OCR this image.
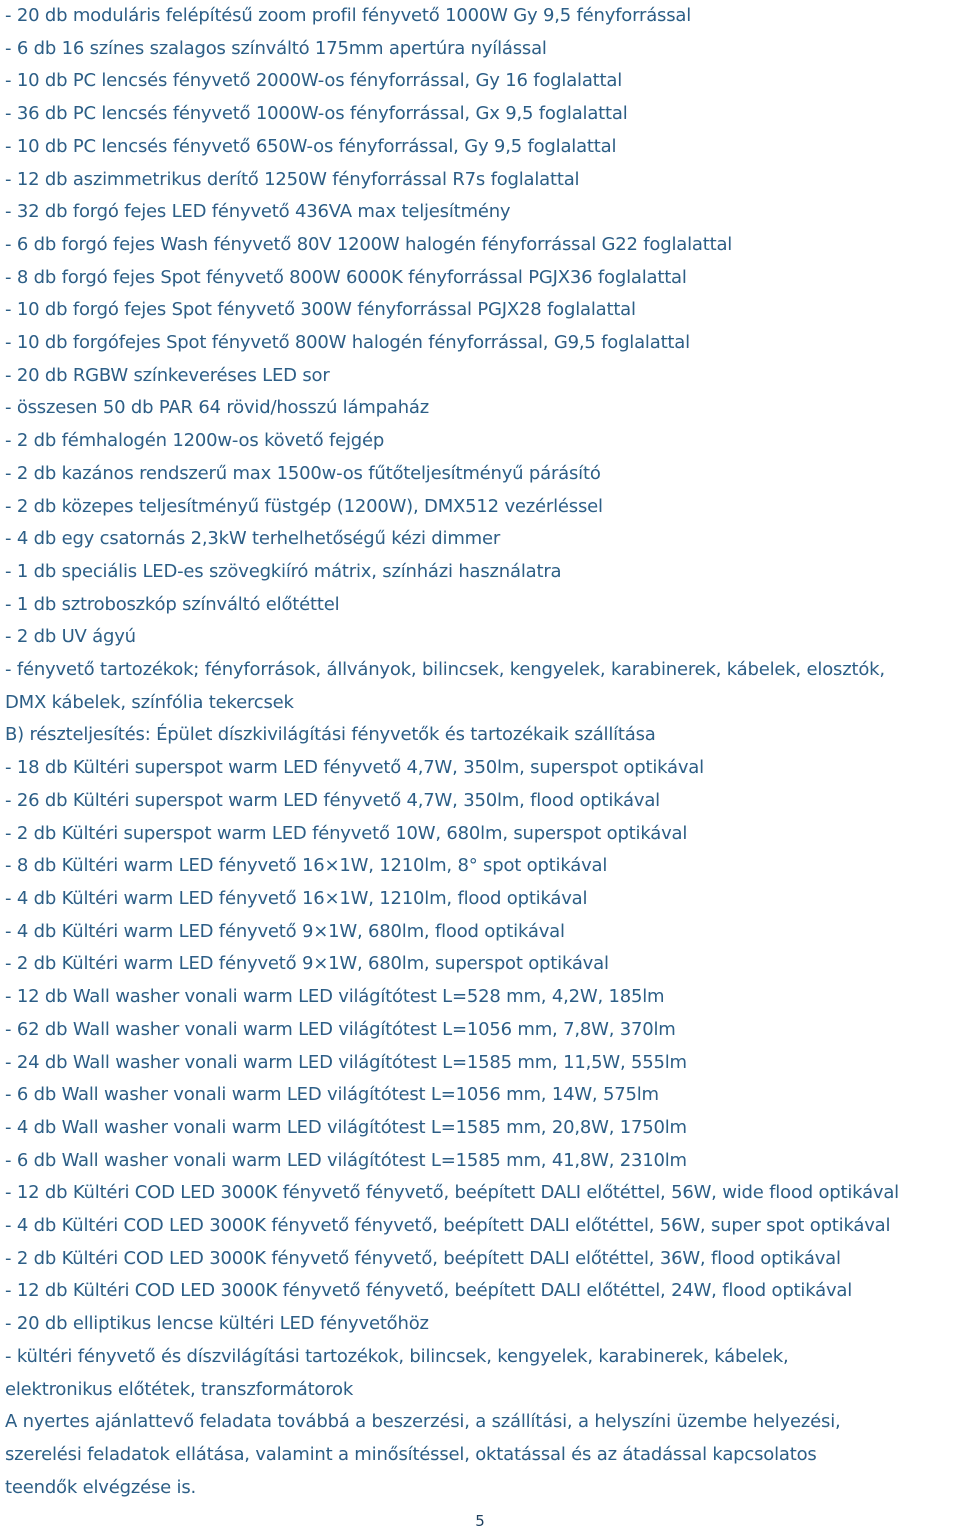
- 20 db moduláris felépítésű zoom profil fényvető 1000W Gy 9,5 fényforrással
- 6 db 16 színes szalagos színváltó 175mm apertúra nyílással
- 10 db PC lencsés fényvető 2000W-os fényforrással, Gy 16 foglalattal
- 36 db PC lencsés fényvető 1000W-os fényforrással, Gx 9,5 foglalattal
- 10 db PC lencsés fényvető 650W-os fényforrással, Gy 9,5 foglalattal
- 12 db aszimmetrikus derítő 1250W fényforrással R7s foglalattal
- 32 db forgó fejes LED fényvető 436VA max teljesítmény
- 6 db forgó fejes Wash fényvető 80V 1200W halogén fényforrással G22 foglalattal
- 8 db forgó fejes Spot fényvető 800W 6000K fényforrással PGJX36 foglalattal
- 10 db forgó fejes Spot fényvető 300W fényforrással PGJX28 foglalattal
- 10 db forgófejes Spot fényvető 800W halogén fényforrással, G9,5 foglalattal
- 20 db RGBW színkeveréses LED sor
- összesen 50 db PAR 64 rövid/hosszú lámpaház
- 2 db fémhalogén 1200w-os követő fejgép
- 2 db kazános rendszerű max 1500w-os fűtőteljesítményű párásító
- 2 db közepes teljesítményű füstgép (1200W), DMX512 vezérléssel
- 4 db egy csatornás 2,3kW terhelhetőségű kézi dimmer
- 1 db speciális LED-es szövegkiíró mátrix, színházi használatra
- 1 db sztroboszkóp színváltó előtéttel
- 2 db UV ágyú
- fényvető tartozékok; fényforrások, állványok, bilincsek, kengyelek, karabinerek, kábelek, elosztók,
DMX kábelek, színfólia tekercsek
B) részteljesítés: Épület díszkivilágítási fényvetők és tartozékaik szállítása
- 18 db Kültéri superspot warm LED fényvető 4,7W, 350lm, superspot optikával
- 26 db Kültéri superspot warm LED fényvető 4,7W, 350lm, flood optikával
- 2 db Kültéri superspot warm LED fényvető 10W, 680lm, superspot optikával
- 8 db Kültéri warm LED fényvető 16×1W, 1210lm, 8° spot optikával
- 4 db Kültéri warm LED fényvető 16×1W, 1210lm, flood optikával
- 4 db Kültéri warm LED fényvető 9×1W, 680lm, flood optikával
- 2 db Kültéri warm LED fényvető 9×1W, 680lm, superspot optikával
- 12 db Wall washer vonali warm LED világítótest L=528 mm, 4,2W, 185lm
- 62 db Wall washer vonali warm LED világítótest L=1056 mm, 7,8W, 370lm
- 24 db Wall washer vonali warm LED világítótest L=1585 mm, 11,5W, 555lm
- 6 db Wall washer vonali warm LED világítótest L=1056 mm, 14W, 575lm
- 4 db Wall washer vonali warm LED világítótest L=1585 mm, 20,8W, 1750lm
- 6 db Wall washer vonali warm LED világítótest L=1585 mm, 41,8W, 2310lm
- 12 db Kültéri COD LED 3000K fényvető fényvető, beépített DALI előtéttel, 56W, wide flood optikával
- 4 db Kültéri COD LED 3000K fényvető fényvető, beépített DALI előtéttel, 56W, super spot optikával
- 2 db Kültéri COD LED 3000K fényvető fényvető, beépített DALI előtéttel, 36W, flood optikával
- 12 db Kültéri COD LED 3000K fényvető fényvető, beépített DALI előtéttel, 24W, flood optikával
- 20 db elliptikus lencse kültéri LED fényvetőhöz
- kültéri fényvető és díszvilágítási tartozékok, bilincsek, kengyelek, karabinerek, kábelek,
elektronikus előtétek, transzformátorok
A nyertes ajánlattevő feladata továbbá a beszerzési, a szállítási, a helyszíni üzembe helyezési,
szerelési feladatok ellátása, valamint a minősítéssel, oktatással és az átadással kapcsolatos
teendők elvégzése is.
5
